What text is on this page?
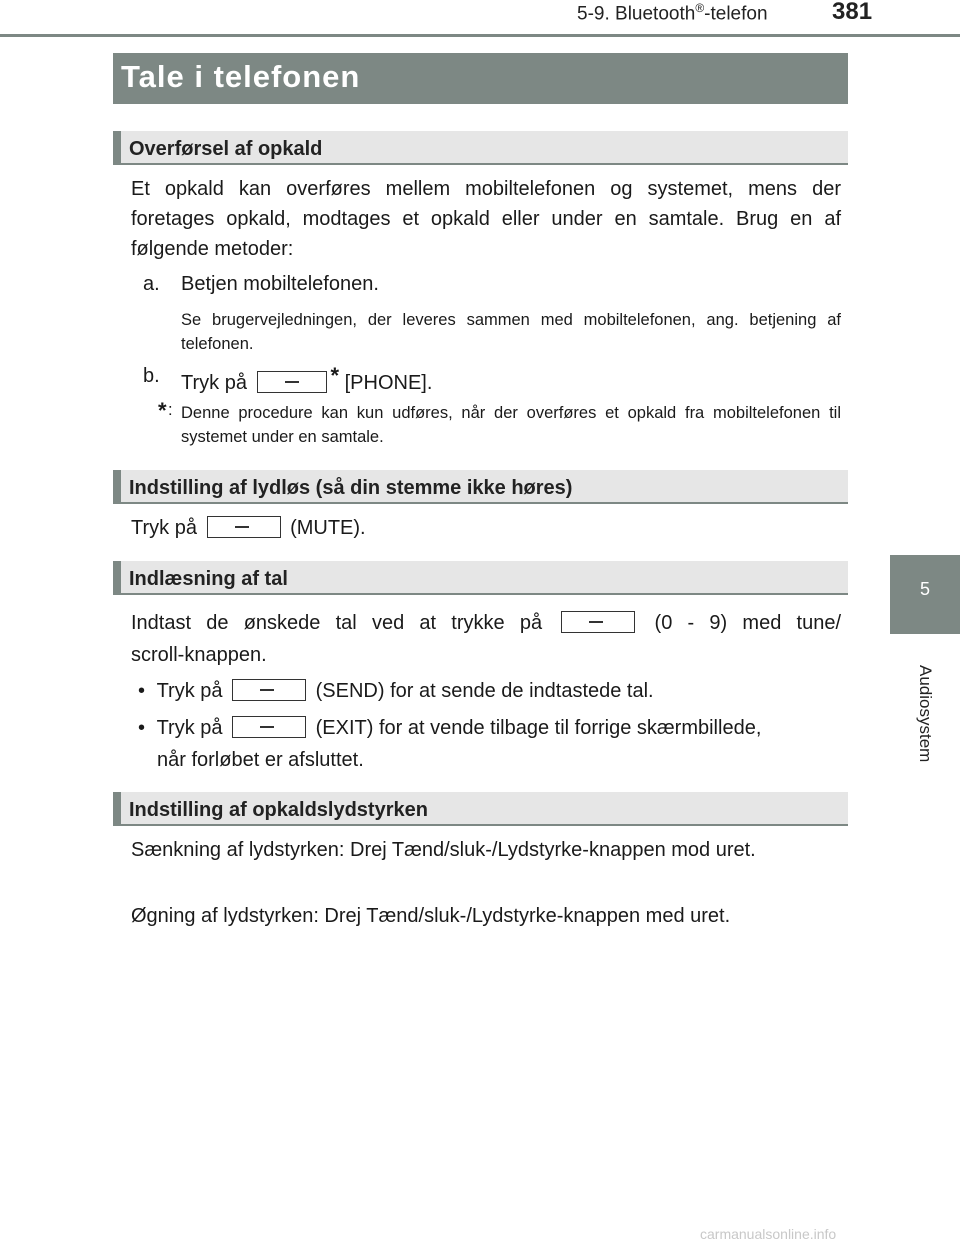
5-9. Bluetooth®-telefon	381
5
Audiosystem
Tale i telefonen
Overførsel af opkald
Et opkald kan overføres mellem mobiltelefonen og systemet, mens der foretages opkald, modtages et opkald eller under en samtale. Brug en af følgende metoder:
a. Betjen mobiltelefonen.
Se brugervejledningen, der leveres sammen med mobiltelefonen, ang. betjening af telefonen.
b. Tryk på	* [PHONE].
* : Denne procedure kan kun udføres, når der overføres et opkald fra mobiltelefonen til systemet under en samtale.
Indstilling af lydløs (så din stemme ikke høres)
Tryk på	(MUTE).
Indlæsning af tal
Indtast de ønskede tal ved at trykke på	(0 - 9) med tune/
scroll-knappen.
• Tryk på	(SEND) for at sende de indtastede tal.
• Tryk på	(EXIT) for at vende tilbage til forrige skærmbillede,
når forløbet er afsluttet.
Indstilling af opkaldslydstyrken
Sænkning af lydstyrken: Drej Tænd/sluk-/Lydstyrke-knappen mod uret.
Øgning af lydstyrken: Drej Tænd/sluk-/Lydstyrke-knappen med uret.
carmanualsonline.info
